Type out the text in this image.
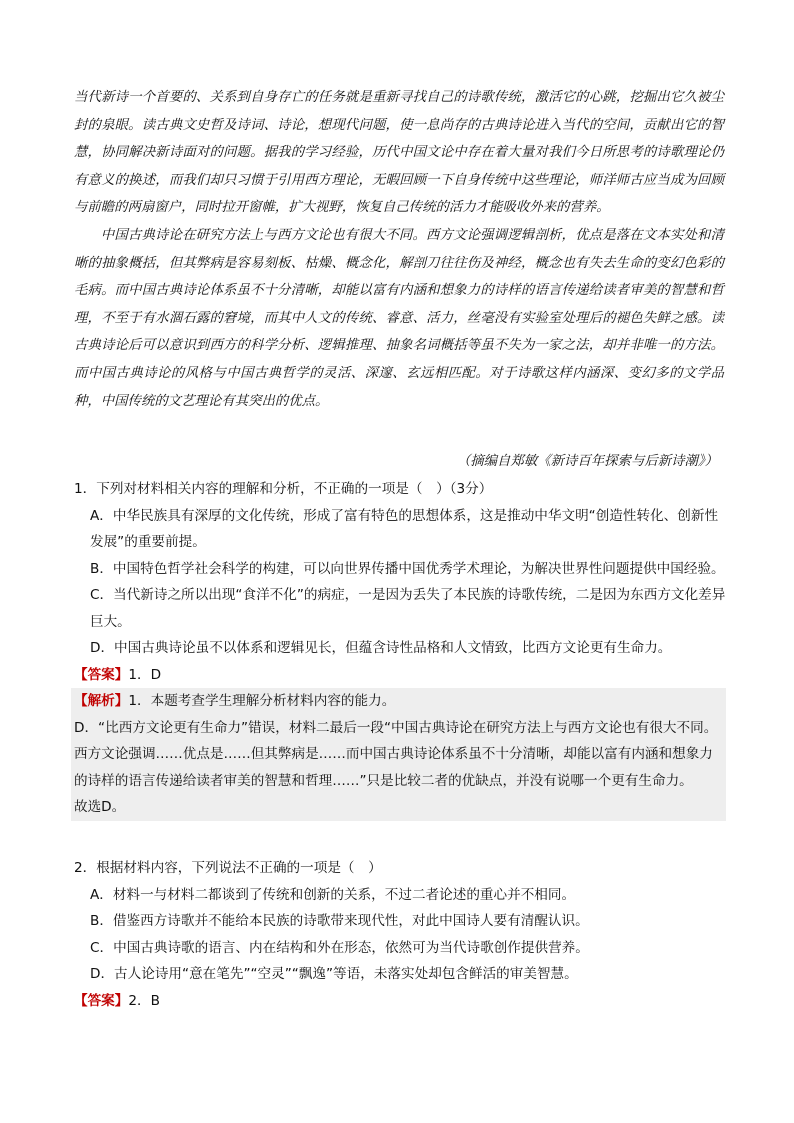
当代新诗一个首要的、关系到自身存亡的任务就是重新寻找自己的诗歌传统，激活它的心跳，挖掘出它久被尘封的泉眼。读古典文史哲及诗词、诗论，想现代问题，使一息尚存的古典诗论进入当代的空间，贡献出它的智慧，协同解决新诗面对的问题。据我的学习经验，历代中国文论中存在着大量对我们今日所思考的诗歌理论仍有意义的换述，而我们却只习惯于引用西方理论，无暇回顾一下自身传统中这些理论，师洋师古应当成为回顾与前瞻的两扇窗户，同时拉开窗帷，扩大视野，恢复自己传统的活力才能吸收外来的营养。

中国古典诗论在研究方法上与西方文论也有很大不同。西方文论强调逻辑剖析，优点是落在文本实处和清晰的抽象概括，但其弊病是容易刻板、枯燥、概念化，解剖刀往往伤及神经，概念也有失去生命的变幻色彩的毛病。而中国古典诗论体系虽不十分清晰，却能以富有内涵和想象力的诗样的语言传递给读者审美的智慧和哲理，不至于有水涸石露的窘境，而其中人文的传统、睿意、活力，丝毫没有实验室处理后的褪色失鲜之感。读古典诗论后可以意识到西方的科学分析、逻辑推理、抽象名词概括等虽不失为一家之法，却并非唯一的方法。而中国古典诗论的风格与中国古典哲学的灵活、深邃、玄远相匹配。对于诗歌这样内涵深、变幻多的文学品种，中国传统的文艺理论有其突出的优点。

（摘编自郑敏《新诗百年探索与后新诗潮》）

1．下列对材料相关内容的理解和分析，不正确的一项是（　）（3分）

A．中华民族具有深厚的文化传统，形成了富有特色的思想体系，这是推动中华文明“创造性转化、创新性发展”的重要前提。

B．中国特色哲学社会科学的构建，可以向世界传播中国优秀学术理论，为解决世界性问题提供中国经验。

C．当代新诗之所以出现“食洋不化”的病症，一是因为丢失了本民族的诗歌传统，二是因为东西方文化差异巨大。

D．中国古典诗论虽不以体系和逻辑见长，但蕴含诗性品格和人文情致，比西方文论更有生命力。

【答案】1．D

【解析】1．本题考查学生理解分析材料内容的能力。

D．“比西方文论更有生命力”错误，材料二最后一段“中国古典诗论在研究方法上与西方文论也有很大不同。西方文论强调……优点是……但其弊病是……而中国古典诗论体系虽不十分清晰，却能以富有内涵和想象力的诗样的语言传递给读者审美的智慧和哲理……”只是比较二者的优缺点，并没有说哪一个更有生命力。

故选D。

2．根据材料内容，下列说法不正确的一项是（　）

A．材料一与材料二都谈到了传统和创新的关系，不过二者论述的重心并不相同。

B．借鉴西方诗歌并不能给本民族的诗歌带来现代性，对此中国诗人要有清醒认识。

C．中国古典诗歌的语言、内在结构和外在形态，依然可为当代诗歌创作提供营养。

D．古人论诗用“意在笔先”“空灵”“飘逸”等语，未落实处却包含鲜活的审美智慧。

【答案】2．B
